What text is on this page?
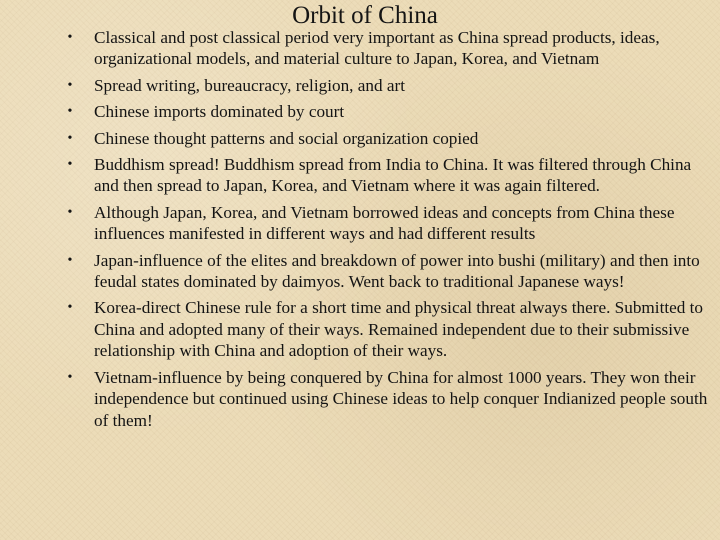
Orbit of China
• Classical and post classical period very important as China spread products, ideas, organizational models, and material culture to Japan, Korea, and Vietnam
• Spread writing, bureaucracy, religion, and art
• Chinese imports dominated by court
• Chinese thought patterns and social organization copied
• Buddhism spread! Buddhism spread from India to China. It was filtered through China and then spread to Japan, Korea, and Vietnam where it was again filtered.
• Although Japan, Korea, and Vietnam borrowed ideas and concepts from China these influences manifested in different ways and had different results
• Japan-influence of the elites and breakdown of power into bushi (military) and then into feudal states dominated by daimyos. Went back to traditional Japanese ways!
• Korea-direct Chinese rule for a short time and physical threat always there. Submitted to China and adopted many of their ways. Remained independent due to their submissive relationship with China and adoption of their ways.
• Vietnam-influence by being conquered by China for almost 1000 years. They won their independence but continued using Chinese ideas to help conquer Indianized people south of them!
